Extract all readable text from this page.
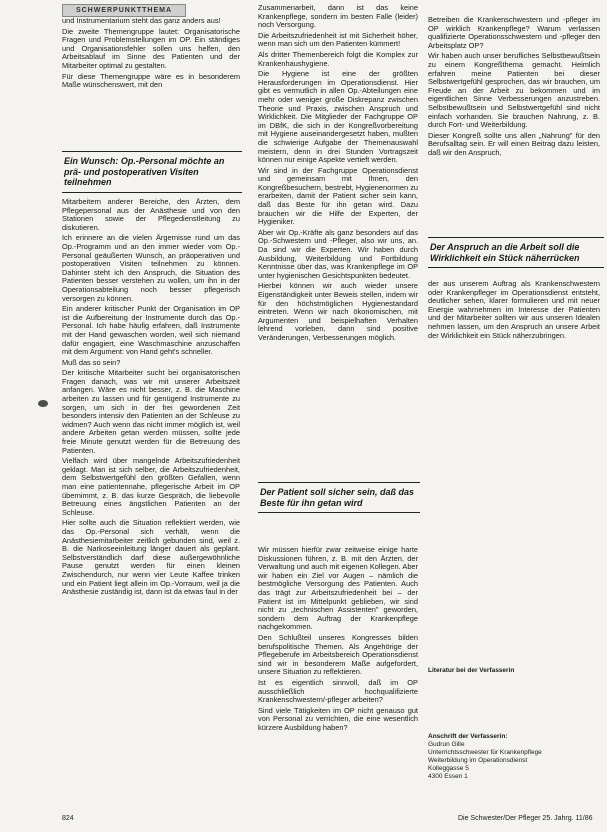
SCHWERPUNKTTHEMA

und Instrumentarium steht das ganz anders aus!

Die zweite Themengruppe lautet: Organisatorische Fragen und Problemstellungen im OP. Ein ständiges und Organisationsfehler sollen uns helfen, den Arbeitsablauf im Sinne des Patienten und der Mitarbeiter optimal zu gestalten.

Für diese Themengruppe wäre es in besonderem Maße wünschenswert, mit den

Ein Wunsch: Op.-Personal möchte an prä- und postoperativen Visiten teilnehmen

Mitarbeitern anderer Bereiche, den Ärzten, dem Pflegepersonal aus der Anästhesie und von den Stationen sowie der Pflegedienstleitung zu diskutieren.

Ich erinnere an die vielen Ärgernisse rund um das Op.-Programm und an den immer wieder vom Op.-Personal geäußerten Wunsch, an präoperativen und postoperativen Visiten teilnehmen zu können. Dahinter steht ich den Anspruch, die Situation des Patienten besser verstehen zu wollen, um ihn in der Operationsabteilung noch besser pflegerisch versorgen zu können.

Ein anderer kritischer Punkt der Organisation im OP ist die Aufbereitung der Instrumente durch das Op.-Personal. Ich habe häufig erfahren, daß Instrumente mit der Hand gewaschen worden, weil sich niemand dafür engagiert, eine Waschmaschine anzuschaffen mit dem Argument: von Hand geht's schneller.

Muß das so sein?

Der kritische Mitarbeiter sucht bei organisatorischen Fragen danach, was wir mit unserer Arbeitszeit anfangen. Wäre es nicht besser, z. B. die Maschine arbeiten zu lassen und für genügend Instrumente zu sorgen, um sich in der frei gewordenen Zeit besonders intensiv den Patienten an der Schleuse zu widmen? Auch wenn das nicht immer möglich ist, weil andere Arbeiten getan werden müssen, sollte jede freie Minute genutzt werden für die Betreuung des Patienten.

Vielfach wird über mangelnde Arbeitszufriedenheit geklagt. Man ist sich selber, die Arbeitszufriedenheit, dem Selbstwertgefühl den größten Gefallen, wenn man eine patientennahe, pflegerische Arbeit im OP übernimmt, z. B. das kurze Gespräch, die liebevolle Betreuung eines ängstlichen Patienten an der Schleuse.

Hier sollte auch die Situation reflektiert werden, wie das Op.-Personal sich verhält, wenn die Anästhesiemitarbeiter zeitlich gebunden sind, weil z. B. die Narkoseeinleitung länger dauert als geplant. Selbstverständlich darf diese außergewöhnliche Pause genutzt werden für einen kleinen Zwischendurch, nur wenn vier Leute Kaffee trinken und ein Patient liegt allein im Op.-Vorraum, weil ja die Anästhesie zuständig ist, dann ist da etwas faul in der

Zusammenarbeit, dann ist das keine Krankenpflege, sondern im besten Falle (leider) noch Versorgung.

Die Arbeitszufriedenheit ist mit Sicherheit höher, wenn man sich um den Patienten kümmert!

Als dritter Themenbereich folgt die Komplex zur Krankenhaushygiene.

Die Hygiene ist eine der größten Herausforderungen im Operationsdienst. Hier gibt es vermutlich in allen Op.-Abteilungen eine mehr oder weniger große Diskrepanz zwischen Theorie und Praxis, zwischen Anspruch und Wirklichkeit. Die Mitglieder der Fachgruppe OP im DBfK, die sich in der Kongreßvorbereitung mit Hygiene auseinandergesetzt haben, mußten die schwierige Aufgabe der Themenauswahl meistern, denn in drei Stunden Vortragszeit können nur einige Aspekte vertieft werden.

Wir sind in der Fachgruppe Operationsdienst und gemeinsam mit Ihnen, den Kongreßbesuchern, bestrebt, Hygienenormen zu erarbeiten, damit der Patient sicher sein kann, daß das Beste für ihn getan wird. Dazu brauchen wir die Hilfe der Experten, der Hygieniker.

Aber wir Op.-Kräfte als ganz besonders auf das Op.-Schwestern und -Pfleger, also wir uns, an. Da sind wir die Experten. Wir haben durch Ausbildung, Weiterbildung und Fortbildung Kenntnisse über das, was Krankenpflege im OP unter hygienischen Gesichtspunkten bedeutet.

Hierbei können wir auch wieder unsere Eigenständigkeit unter Beweis stellen, indem wir für den höchstmöglichen Hygienestandard eintreten. Wenn wir nach ökonomischen, mit Argumenten und beispielhaften Verhalten lehrend vorleben, dann sind positive Veränderungen, Verbesserungen möglich.

Der Patient soll sicher sein, daß das Beste für ihn getan wird

Wir müssen hierfür zwar zeitweise einige harte Diskussionen führen, z. B. mit den Ärzten, der Verwaltung und auch mit eigenen Kollegen. Aber wir haben ein Ziel vor Augen – nämlich die bestmögliche Versorgung des Patienten. Auch das trägt zur Arbeitszufriedenheit bei – der Patient ist im Mittelpunkt geblieben, wir sind nicht zu „technischen Assistenten" geworden, sondern dem Auftrag der Krankenpflege nachgekommen.

Den Schlußteil unseres Kongresses bilden berufspolitische Themen. Als Angehörige der Pflegeberufe im Arbeitsbereich Operationsdienst sind wir in besonderem Maße aufgefordert, unsere Situation zu reflektieren.

Ist es eigentlich sinnvoll, daß im OP ausschließlich hochqualifizierte Krankenschwestern/-pfleger arbeiten?

Sind viele Tätigkeiten im OP nicht genauso gut von Personal zu verrichten, die eine wesentlich kürzere Ausbildung haben?

Betreiben die Krankenschwestern und -pfleger im OP wirklich Krankenpflege? Warum verlassen qualifizierte Operationsschwestern und -pfleger den Arbeitsplatz OP?

Wir haben auch unser berufliches Selbstbewußtsein zu einem Kongreßthema gemacht. Heimlich erfahren meine Patienten bei dieser Selbstwertgefühl gesprochen, das wir brauchen, um Freude an der Arbeit zu bekommen und im eigentlichen Sinne Verbesserungen anzustreben. Selbstbewußtsein und Selbstwertgefühl sind nicht einfach vorhanden. Sie brauchen Nahrung, z. B. durch Fort- und Weiterbildung.

Dieser Kongreß sollte uns allen „Nahrung" für den Berufsalltag sein. Er will einen Beitrag dazu leisten, daß wir den Anspruch,

Der Anspruch an die Arbeit soll die Wirklichkeit ein Stück näherrücken

der aus unserem Auftrag als Krankenschwestern oder Krankenpfleger im Operationsdienst entsteht, deutlicher sehen, klarer formulieren und mit neuer Energie wahrnehmen im Interesse der Patienten und der Mitarbeiter sollten wir aus unseren Idealen nehmen lassen, um den Anspruch an unsere Arbeit der Wirklichkeit ein Stück näherzubringen.

Literatur bei der Verfasserin
Anschrift der Verfasserin:
Gudrun Gille
Unterrichtsschwester für Krankenpflege
Weiterbildung im Operationsdienst
Kolleggasse 5
4300 Essen 1
824	Die Schwester/Der Pfleger 25. Jahrg. 11/86
